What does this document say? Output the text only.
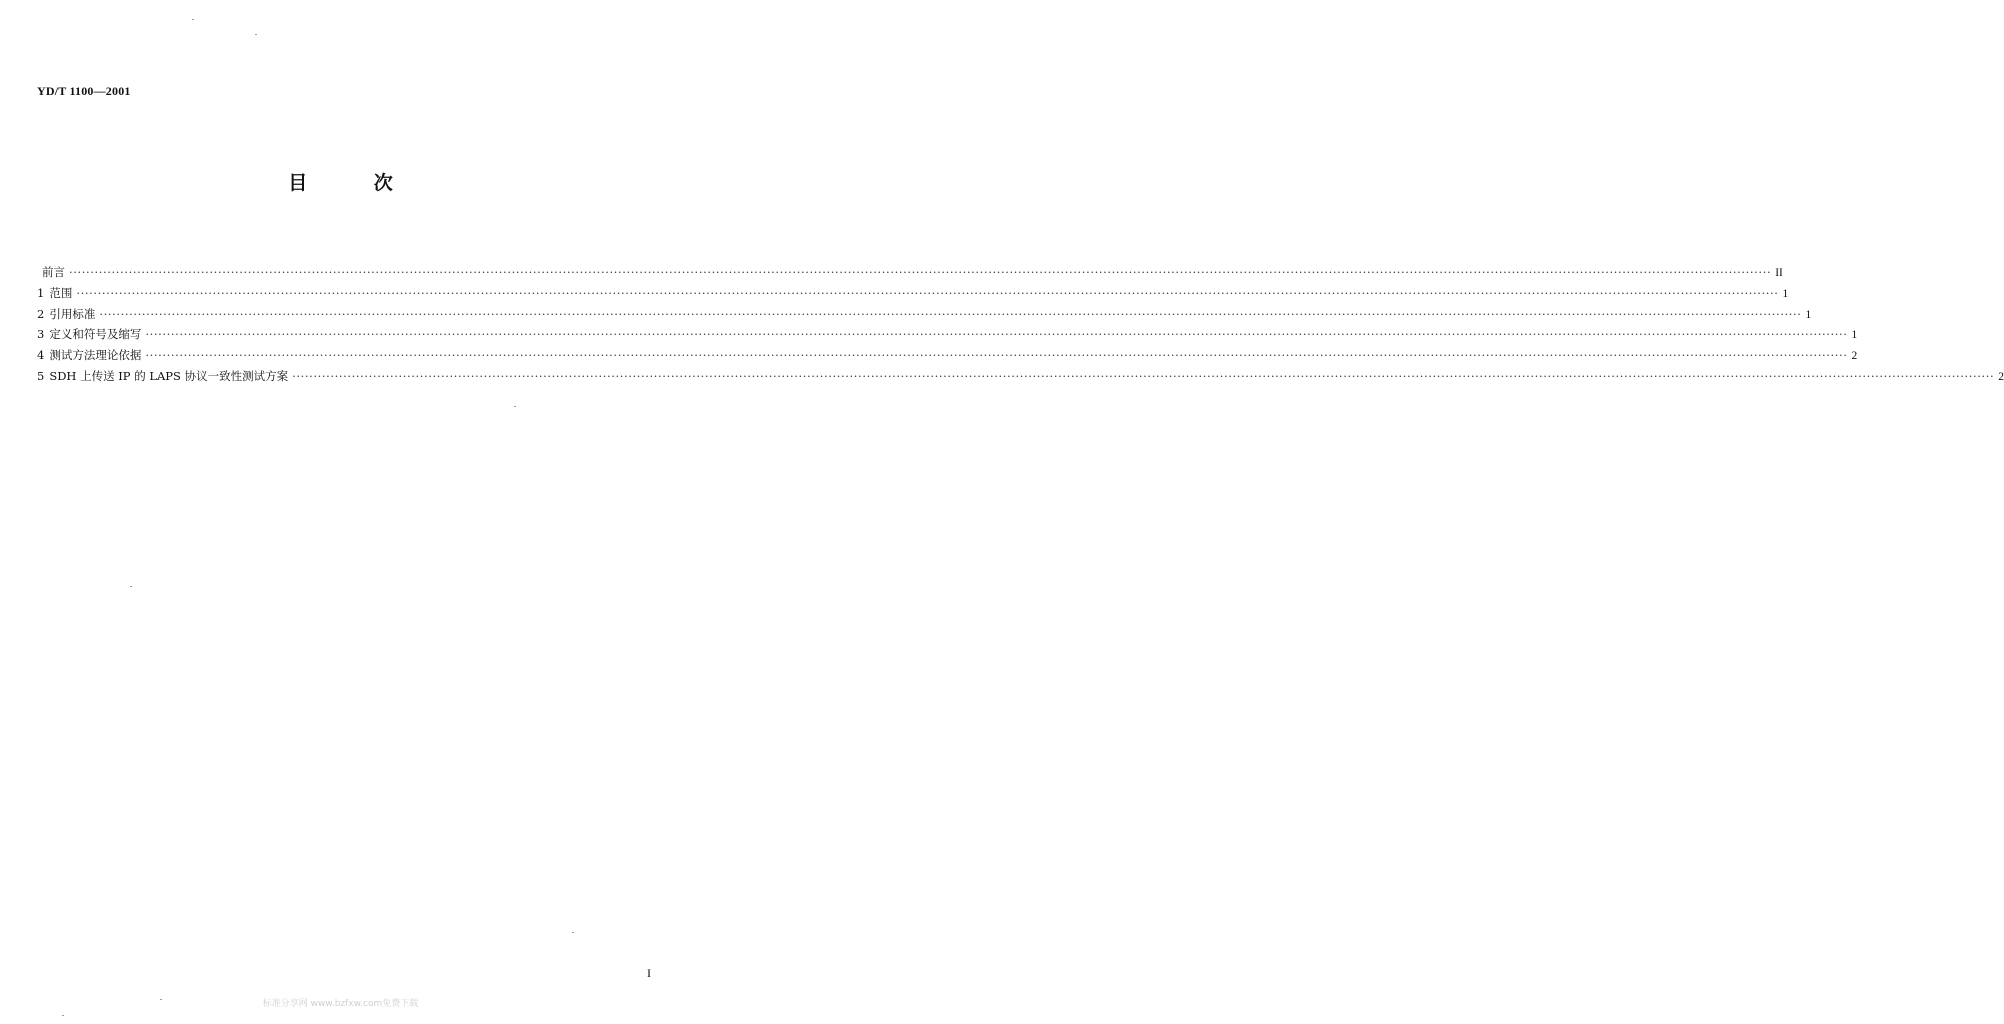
YD/T 1100—2001
目 次
前言 ················································································································································································································································································································································································································ II
1 范围 ················································································································································································································································································································································································································ 1
2 引用标准 ················································································································································································································································································································································································································ 1
3 定义和符号及缩写 ················································································································································································································································································································································································································ 1
4 测试方法理论依据 ················································································································································································································································································································································································································ 2
5 SDH 上传送 IP 的 LAPS 协议一致性测试方案 ················································································································································································································································································································································································································ 2
I
标准分享网 www.bzfxw.com免费下载
